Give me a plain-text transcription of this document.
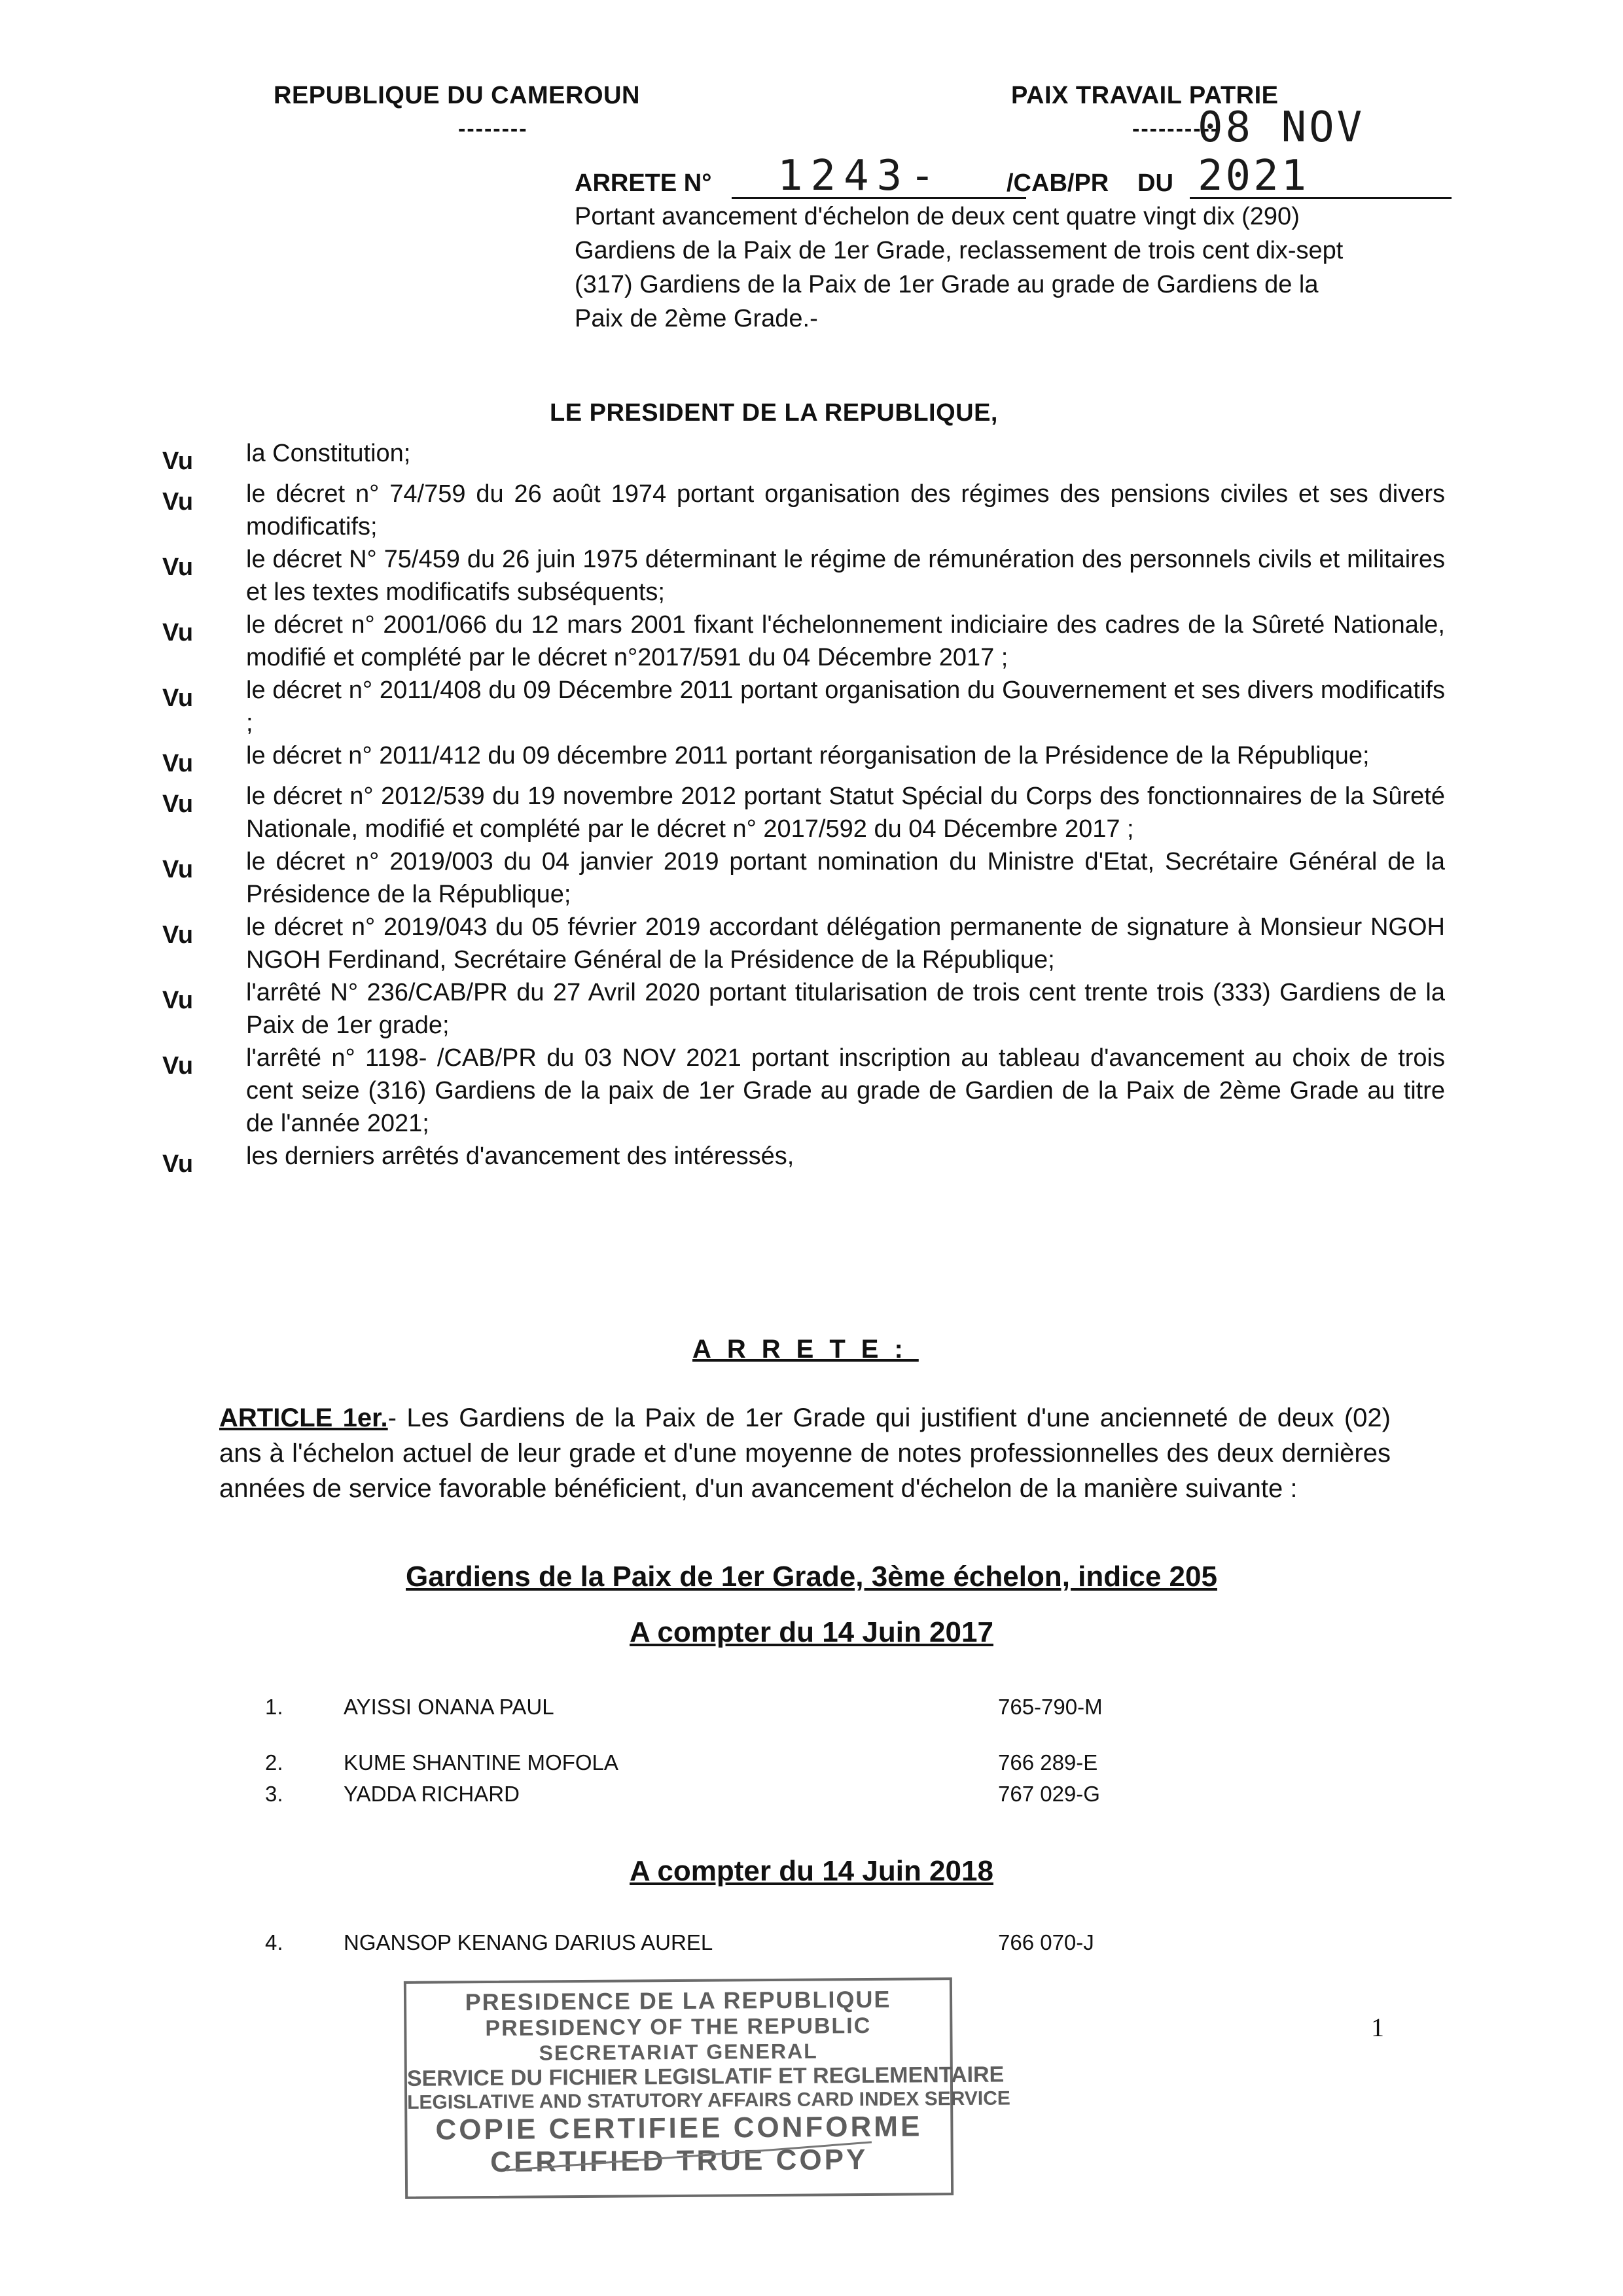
REPUBLIQUE DU CAMEROUN
--------
PAIX TRAVAIL PATRIE
----------
ARRETE N° 1243-	/CAB/PR DU
08 NOV 2021
Portant avancement d'échelon de deux cent quatre vingt dix (290)
Gardiens de la Paix de 1er Grade, reclassement de trois cent dix-sept
(317) Gardiens de la Paix de 1er Grade au grade de Gardiens de la
Paix de 2ème Grade.-
LE PRESIDENT DE LA REPUBLIQUE,
Vu	la Constitution;
Vu	le décret n° 74/759 du 26 août 1974 portant organisation des régimes des pensions civiles et ses divers modificatifs;
Vu	le décret N° 75/459 du 26 juin 1975 déterminant le régime de rémunération des personnels civils et militaires et les textes modificatifs subséquents;
Vu	le décret n° 2001/066 du 12 mars 2001 fixant l'échelonnement indiciaire des cadres de la Sûreté Nationale, modifié et complété par le décret n°2017/591 du 04 Décembre 2017 ;
Vu	le décret n° 2011/408 du 09 Décembre 2011 portant organisation du Gouvernement et ses divers modificatifs ;
Vu	le décret n° 2011/412 du 09 décembre 2011 portant réorganisation de la Présidence de la République;
Vu	le décret n° 2012/539 du 19 novembre 2012 portant Statut Spécial du Corps des fonctionnaires de la Sûreté Nationale, modifié et complété par le décret n° 2017/592 du 04 Décembre 2017 ;
Vu	le décret n° 2019/003 du 04 janvier 2019 portant nomination du Ministre d'Etat, Secrétaire Général de la Présidence de la République;
Vu	le décret n° 2019/043 du 05 février 2019 accordant délégation permanente de signature à Monsieur NGOH NGOH Ferdinand, Secrétaire Général de la Présidence de la République;
Vu	l'arrêté N° 236/CAB/PR du 27 Avril 2020 portant titularisation de trois cent trente trois (333) Gardiens de la Paix de 1er grade;
Vu	l'arrêté n° 1198- /CAB/PR du 03 NOV 2021 portant inscription au tableau d'avancement au choix de trois cent seize (316) Gardiens de la paix de 1er Grade au grade de Gardien de la Paix de 2ème Grade au titre de l'année 2021;
Vu	les derniers arrêtés d'avancement des intéressés,
ARRETE:
ARTICLE 1er.- Les Gardiens de la Paix de 1er Grade qui justifient d'une ancienneté de deux (02) ans à l'échelon actuel de leur grade et d'une moyenne de notes professionnelles des deux dernières années de service favorable bénéficient, d'un avancement d'échelon de la manière suivante :
Gardiens de la Paix de 1er Grade, 3ème échelon, indice 205
A compter du 14 Juin 2017
1.	AYISSI ONANA PAUL	765-790-M
2.	KUME SHANTINE MOFOLA	766 289-E
3.	YADDA RICHARD	767 029-G
A compter du 14 Juin 2018
4.	NGANSOP KENANG DARIUS AUREL	766 070-J
PRESIDENCE DE LA REPUBLIQUE
PRESIDENCY OF THE REPUBLIC
SECRETARIAT GENERAL
SERVICE DU FICHIER LEGISLATIF ET REGLEMENTAIRE
LEGISLATIVE AND STATUTORY AFFAIRS CARD INDEX SERVICE
COPIE CERTIFIEE CONFORME
CERTIFIED TRUE COPY
1
